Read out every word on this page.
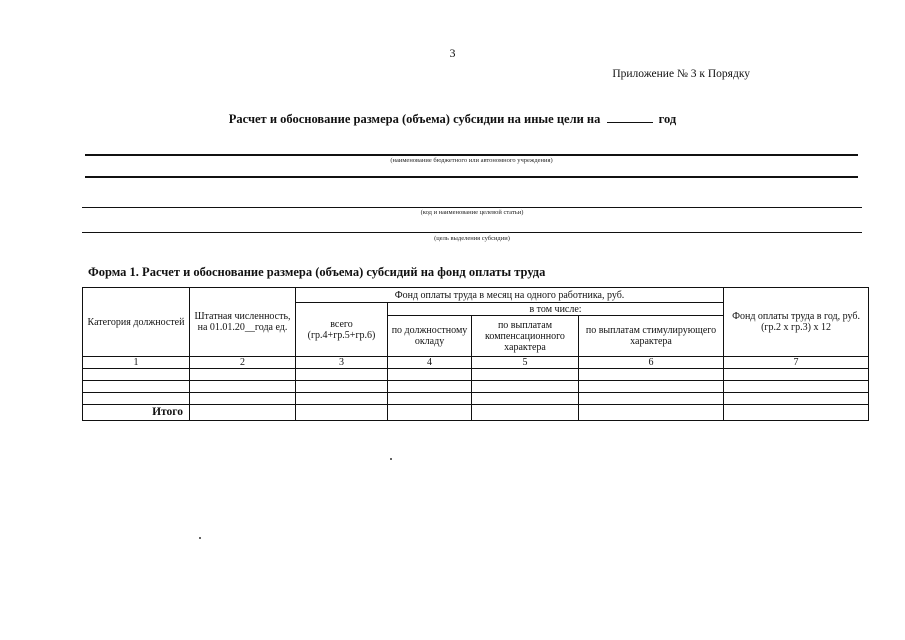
3
Приложение № 3 к Порядку
Расчет и обоснование размера (объема) субсидии на иные цели на	год
(наименование бюджетного или автономного учреждения)
(код и наименование целевой статьи)
(цель выделения субсидии)
Форма 1. Расчет и обоснование размера (объема) субсидий на фонд оплаты труда
Категория должностей	Штатная численность, на 01.01.20__года ед.	Фонд оплаты труда в месяц на одного работника, руб.				Фонд оплаты труда в год, руб. (гр.2 х гр.3) х 12
		всего (гр.4+гр.5+гр.6)	в том числе:			
			по должностному окладу	по выплатам компенсационного характера	по выплатам стимулирующего характера	
1	2	3	4	5	6	7

Итого						
